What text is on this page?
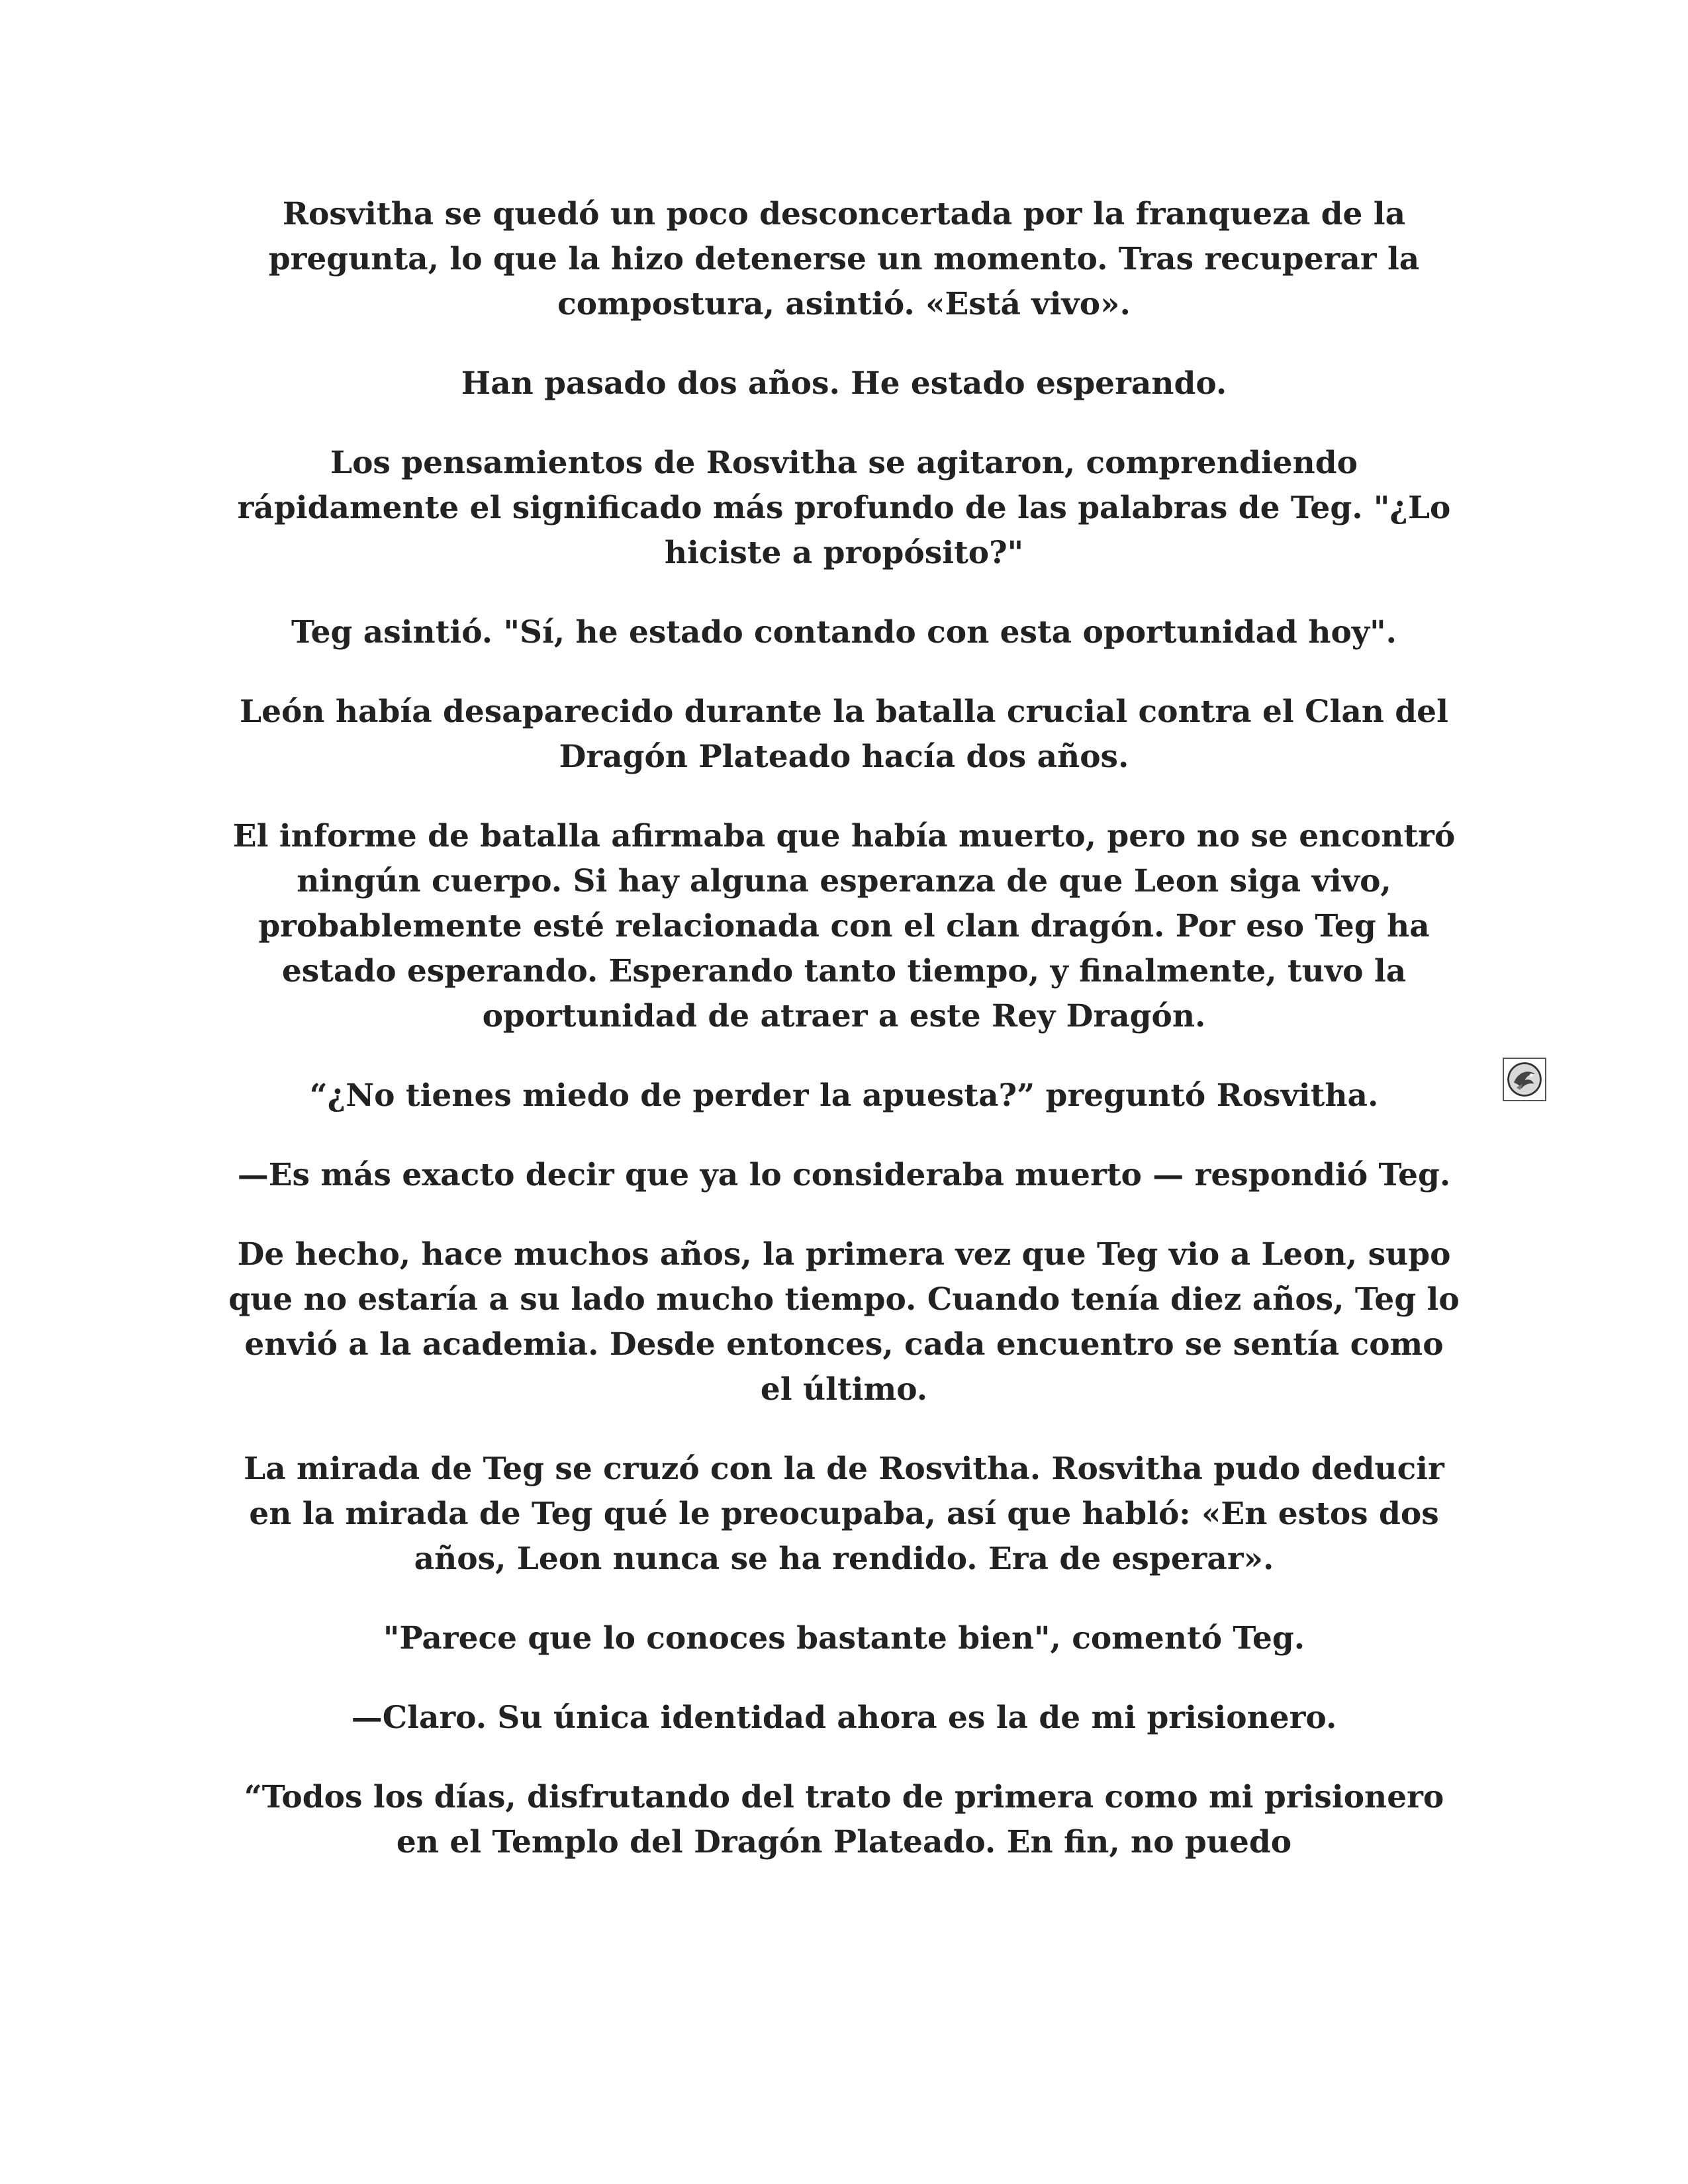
Rosvitha se quedó un poco desconcertada por la franqueza de la pregunta, lo que la hizo detenerse un momento. Tras recuperar la compostura, asintió. «Está vivo».

Han pasado dos años. He estado esperando.

Los pensamientos de Rosvitha se agitaron, comprendiendo rápidamente el significado más profundo de las palabras de Teg. "¿Lo hiciste a propósito?"

Teg asintió. "Sí, he estado contando con esta oportunidad hoy".

León había desaparecido durante la batalla crucial contra el Clan del Dragón Plateado hacía dos años.

El informe de batalla afirmaba que había muerto, pero no se encontró ningún cuerpo. Si hay alguna esperanza de que Leon siga vivo, probablemente esté relacionada con el clan dragón. Por eso Teg ha estado esperando. Esperando tanto tiempo, y finalmente, tuvo la oportunidad de atraer a este Rey Dragón.

“¿No tienes miedo de perder la apuesta?” preguntó Rosvitha.

—Es más exacto decir que ya lo consideraba muerto — respondió Teg.

De hecho, hace muchos años, la primera vez que Teg vio a Leon, supo que no estaría a su lado mucho tiempo. Cuando tenía diez años, Teg lo envió a la academia. Desde entonces, cada encuentro se sentía como el último.

La mirada de Teg se cruzó con la de Rosvitha. Rosvitha pudo deducir en la mirada de Teg qué le preocupaba, así que habló: «En estos dos años, Leon nunca se ha rendido. Era de esperar».

"Parece que lo conoces bastante bien", comentó Teg.

—Claro. Su única identidad ahora es la de mi prisionero.

“Todos los días, disfrutando del trato de primera como mi prisionero en el Templo del Dragón Plateado. En fin, no puedo
